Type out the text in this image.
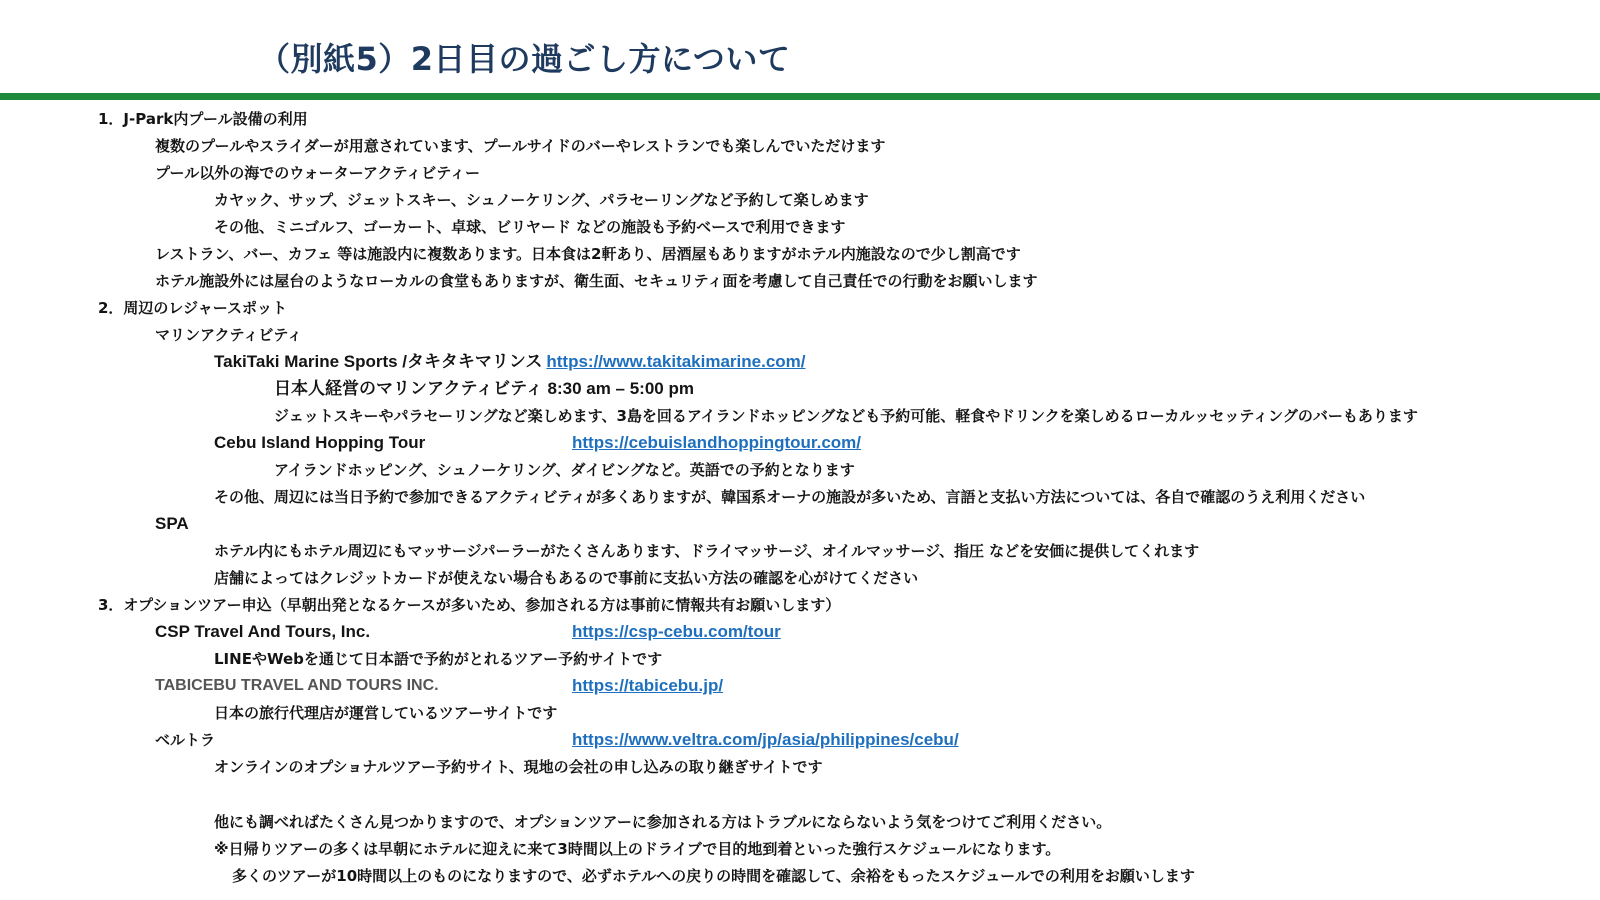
（別紙5）2日目の過ごし方について
1．J-Park内プール設備の利用
複数のプールやスライダーが用意されています、プールサイドのバーやレストランでも楽しんでいただけます
プール以外の海でのウォーターアクティビティー
カヤック、サップ、ジェットスキー、シュノーケリング、パラセーリングなど予約して楽しめます
その他、ミニゴルフ、ゴーカート、卓球、ビリヤード などの施設も予約ベースで利用できます
レストラン、バー、カフェ 等は施設内に複数あります。日本食は2軒あり、居酒屋もありますがホテル内施設なので少し割高です
ホテル施設外には屋台のようなローカルの食堂もありますが、衛生面、セキュリティ面を考慮して自己責任での行動をお願いします
2．周辺のレジャースポット
マリンアクティビティ
TakiTaki Marine Sports /タキタキマリンス https://www.takitakimarine.com/
日本人経営のマリンアクティビティ 8:30 am – 5:00 pm
ジェットスキーやパラセーリングなど楽しめます、3島を回るアイランドホッピングなども予約可能、軽食やドリンクを楽しめるローカルッセッティングのバーもあります
Cebu Island Hopping Tour	https://cebuislandhoppingtour.com/
アイランドホッピング、シュノーケリング、ダイビングなど。英語での予約となります
その他、周辺には当日予約で参加できるアクティビティが多くありますが、韓国系オーナの施設が多いため、言語と支払い方法については、各自で確認のうえ利用ください
SPA
ホテル内にもホテル周辺にもマッサージパーラーがたくさんあります、ドライマッサージ、オイルマッサージ、指圧 などを安価に提供してくれます
店舗によってはクレジットカードが使えない場合もあるので事前に支払い方法の確認を心がけてください
3．オプションツアー申込（早朝出発となるケースが多いため、参加される方は事前に情報共有お願いします）
CSP Travel And Tours, Inc.	https://csp-cebu.com/tour
LINEやWebを通じて日本語で予約がとれるツアー予約サイトです
TABICEBU TRAVEL AND TOURS INC.	https://tabicebu.jp/
日本の旅行代理店が運営しているツアーサイトです
ベルトラ	https://www.veltra.com/jp/asia/philippines/cebu/
オンラインのオプショナルツアー予約サイト、現地の会社の申し込みの取り継ぎサイトです
他にも調べればたくさん見つかりますので、オプションツアーに参加される方はトラブルにならないよう気をつけてご利用ください。
※日帰りツアーの多くは早朝にホテルに迎えに来て3時間以上のドライブで目的地到着といった強行スケジュールになります。
多くのツアーが10時間以上のものになりますので、必ずホテルへの戻りの時間を確認して、余裕をもったスケジュールでの利用をお願いします
